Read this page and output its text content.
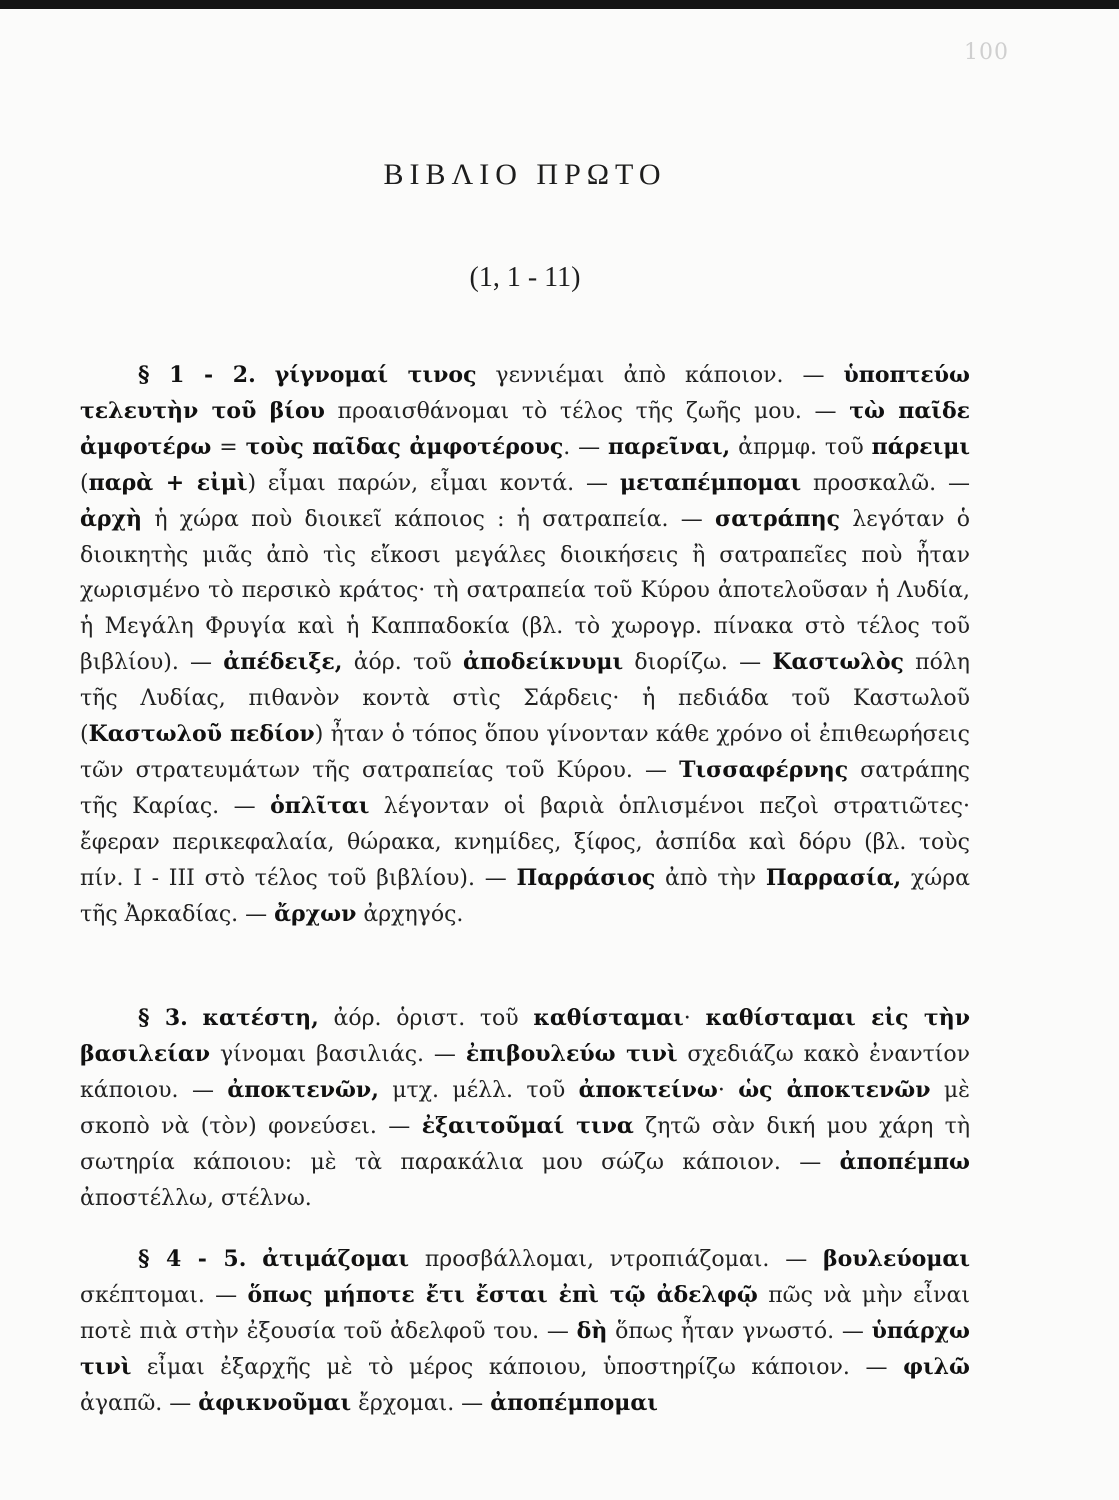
100
ΒΙΒΛΙΟ ΠΡΩΤΟ
(1, 1 - 11)

§ 1 - 2. γίγνομαί τινος γεννιέμαι ἀπὸ κάποιον. — ὑποπτεύω τελευτὴν τοῦ βίου προαισθάνομαι τὸ τέλος τῆς ζωῆς μου. — τὼ παῖδε ἀμφοτέρω = τοὺς παῖδας ἀμφοτέρους. — παρεῖναι, ἀπρμφ. τοῦ πάρειμι (παρὰ + εἰμὶ) εἶμαι παρών, εἶμαι κοντά. — μεταπέμπομαι προσκαλῶ. — ἀρχὴ ἡ χώρα ποὺ διοικεῖ κάποιος : ἡ σατραπεία. — σατράπης λεγόταν ὁ διοικητὴς μιᾶς ἀπὸ τὶς εἴκοσι μεγάλες διοικήσεις ἢ σατραπεῖες ποὺ ἦταν χωρισμένο τὸ περσικὸ κράτος· τὴ σατραπεία τοῦ Κύρου ἀποτελοῦσαν ἡ Λυδία, ἡ Μεγάλη Φρυγία καὶ ἡ Καππαδοκία (βλ. τὸ χωρογρ. πίνακα στὸ τέλος τοῦ βιβλίου). — ἀπέδειξε, ἀόρ. τοῦ ἀποδείκνυμι διορίζω. — Καστωλὸς πόλη τῆς Λυδίας, πιθανὸν κοντὰ στὶς Σάρδεις· ἡ πεδιάδα τοῦ Καστωλοῦ (Καστωλοῦ πεδίον) ἦταν ὁ τόπος ὅπου γίνονταν κάθε χρόνο οἱ ἐπιθεωρήσεις τῶν στρατευμάτων τῆς σατραπείας τοῦ Κύρου. — Τισσαφέρνης σατράπης τῆς Καρίας. — ὁπλῖται λέγονταν οἱ βαριὰ ὁπλισμένοι πεζοὶ στρατιῶτες· ἔφεραν περικεφαλαία, θώρακα, κνημίδες, ξίφος, ἀσπίδα καὶ δόρυ (βλ. τοὺς πίν. I - III στὸ τέλος τοῦ βιβλίου). — Παρράσιος ἀπὸ τὴν Παρρασία, χώρα τῆς Ἀρκαδίας. — ἄρχων ἀρχηγός.

§ 3. κατέστη, ἀόρ. ὁριστ. τοῦ καθίσταμαι· καθίσταμαι εἰς τὴν βασιλείαν γίνομαι βασιλιάς. — ἐπιβουλεύω τινὶ σχεδιάζω κακὸ ἐναντίον κάποιου. — ἀποκτενῶν, μτχ. μέλλ. τοῦ ἀποκτείνω· ὡς ἀποκτενῶν μὲ σκοπὸ νὰ (τὸν) φονεύσει. — ἐξαιτοῦμαί τινα ζητῶ σὰν δική μου χάρη τὴ σωτηρία κάποιου: μὲ τὰ παρακάλια μου σώζω κάποιον. — ἀποπέμπω ἀποστέλλω, στέλνω.

§ 4 - 5. ἀτιμάζομαι προσβάλλομαι, ντροπιάζομαι. — βουλεύομαι σκέπτομαι. — ὅπως μήποτε ἔτι ἔσται ἐπὶ τῷ ἀδελφῷ πῶς νὰ μὴν εἶναι ποτὲ πιὰ στὴν ἐξουσία τοῦ ἀδελφοῦ του. — δὴ ὅπως ἦταν γνωστό. — ὑπάρχω τινὶ εἶμαι ἐξαρχῆς μὲ τὸ μέρος κάποιου, ὑποστηρίζω κάποιον. — φιλῶ ἀγαπῶ. — ἀφικνοῦμαι ἔρχομαι. — ἀποπέμπομαι
